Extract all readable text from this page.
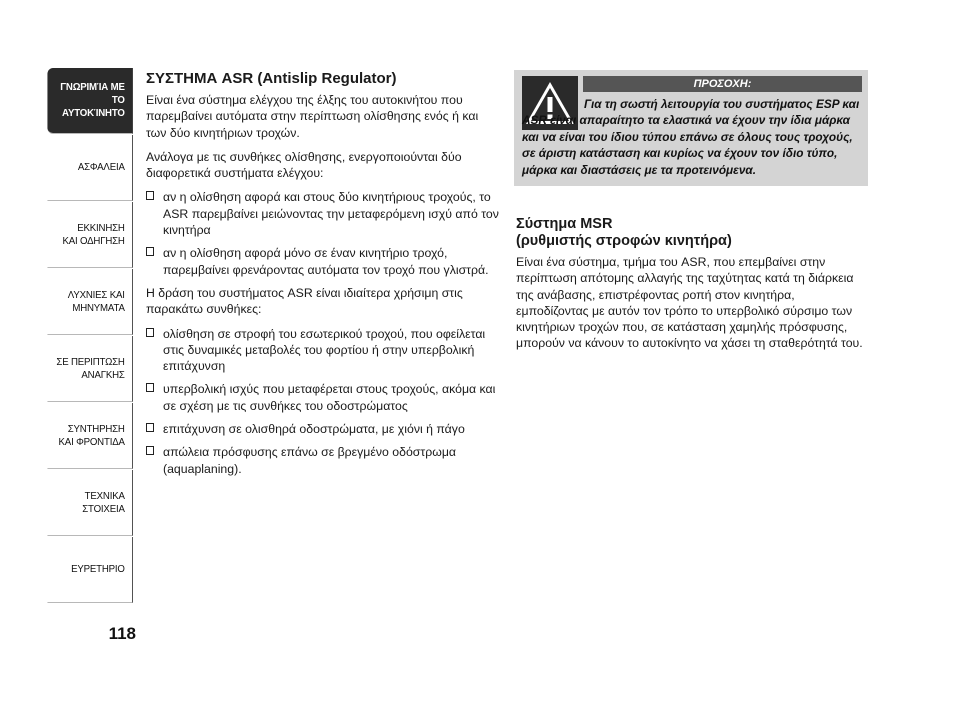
ΓΝΩΡΙΜΊΑ ΜΕ
ΤΟ ΑΥΤΟΚΊΝΗΤΟ
ΑΣΦΑΛΕΙΑ
ΕΚΚΙΝΗΣΗ
ΚΑΙ ΟΔΗΓΗΣΗ
ΛΥΧΝΙΕΣ ΚΑΙ
ΜΗΝΥΜΑΤΑ
ΣΕ ΠΕΡΙΠΤΩΣΗ
ΑΝΑΓΚΗΣ
ΣΥΝΤΗΡΗΣΗ
ΚΑΙ ΦΡΟΝΤΙΔΑ
ΤΕΧΝΙΚΑ
ΣΤΟΙΧΕΙΑ
ΕΥΡΕΤΗΡΙΟ
118
ΣΥΣΤΗΜΑ ASR (Antislip Regulator)

Είναι ένα σύστημα ελέγχου της έλξης του αυτοκινήτου που παρεμβαίνει αυτόματα στην περίπτωση ολίσθησης ενός ή και των δύο κινητήριων τροχών.

Ανάλογα με τις συνθήκες ολίσθησης, ενεργοποιούνται δύο διαφορετικά συστήματα ελέγχου:

αν η ολίσθηση αφορά και στους δύο κινητήριους τροχούς, το ASR παρεμβαίνει μειώνοντας την μεταφερόμενη ισχύ από τον κινητήρα
αν η ολίσθηση αφορά μόνο σε έναν κινητήριο τροχό, παρεμβαίνει φρενάροντας αυτόματα τον τροχό που γλιστρά.

Η δράση του συστήματος ASR είναι ιδιαίτερα χρήσιμη στις παρακάτω συνθήκες:

ολίσθηση σε στροφή του εσωτερικού τροχού, που οφείλεται στις δυναμικές μεταβολές του φορτίου ή στην υπερβολική επιτάχυνση
υπερβολική ισχύς που μεταφέρεται στους τροχούς, ακόμα και σε σχέση με τις συνθήκες του οδοστρώματος
επιτάχυνση σε ολισθηρά οδοστρώματα, με χιόνι ή πάγο
απώλεια πρόσφυσης επάνω σε βρεγμένο οδόστρωμα (aquaplaning).
ΠΡΟΣΟΧΗ:
Για τη σωστή λειτουργία του συστήματος ESP και ASR είναι απαραίτητο τα ελαστικά να έχουν την ίδια μάρκα και να είναι του ίδιου τύπου επάνω σε όλους τους τροχούς, σε άριστη κατάσταση και κυρίως να έχουν τον ίδιο τύπο, μάρκα και διαστάσεις με τα προτεινόμενα.
Σύστημα MSR
(ρυθμιστής στροφών κινητήρα)

Είναι ένα σύστημα, τμήμα του ASR, που επεμβαίνει στην περίπτωση απότομης αλλαγής της ταχύτητας κατά τη διάρκεια της ανάβασης, επιστρέφοντας ροπή στον κινητήρα, εμποδίζοντας με αυτόν τον τρόπο το υπερβολικό σύρσιμο των κινητήριων τροχών που, σε κατάσταση χαμηλής πρόσφυσης, μπορούν να κάνουν το αυτοκίνητο να χάσει τη σταθερότητά του.
